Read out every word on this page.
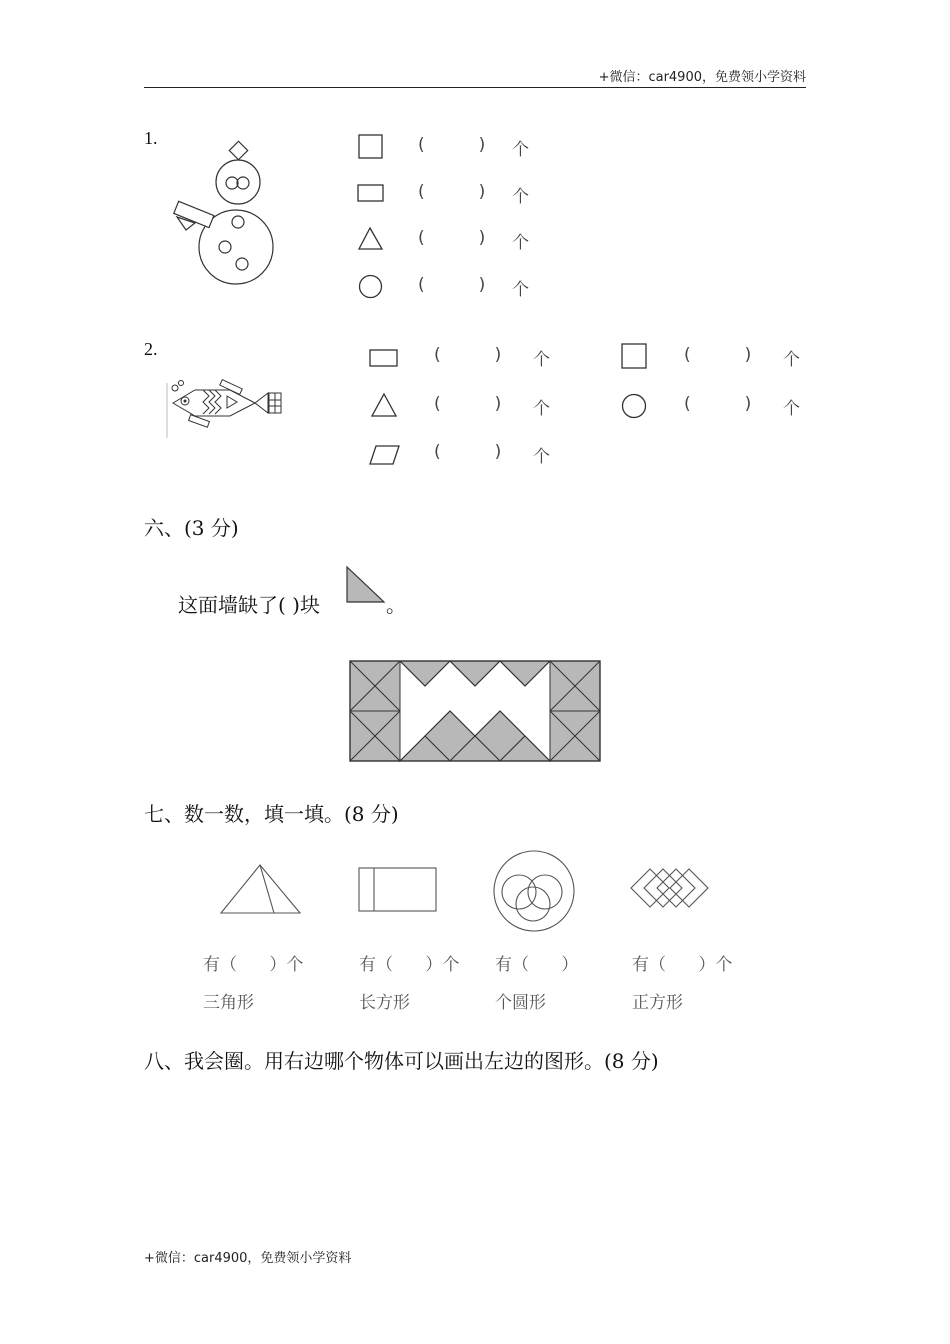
+微信：car4900，免费领小学资料
1.	(          ) 个
(          ) 个
(          ) 个
(          ) 个
2.	(          ) 个	(          ) 个
(          ) 个	(          ) 个
(          ) 个
六、(3 分)
这面墙缺了( )块	。
七、数一数，填一填。(8 分)
有（      ）个
三角形
有（      ）个
长方形
有（      ）
个圆形
有（      ）个
正方形
八、我会圈。用右边哪个物体可以画出左边的图形。(8 分)
+微信：car4900，免费领小学资料
